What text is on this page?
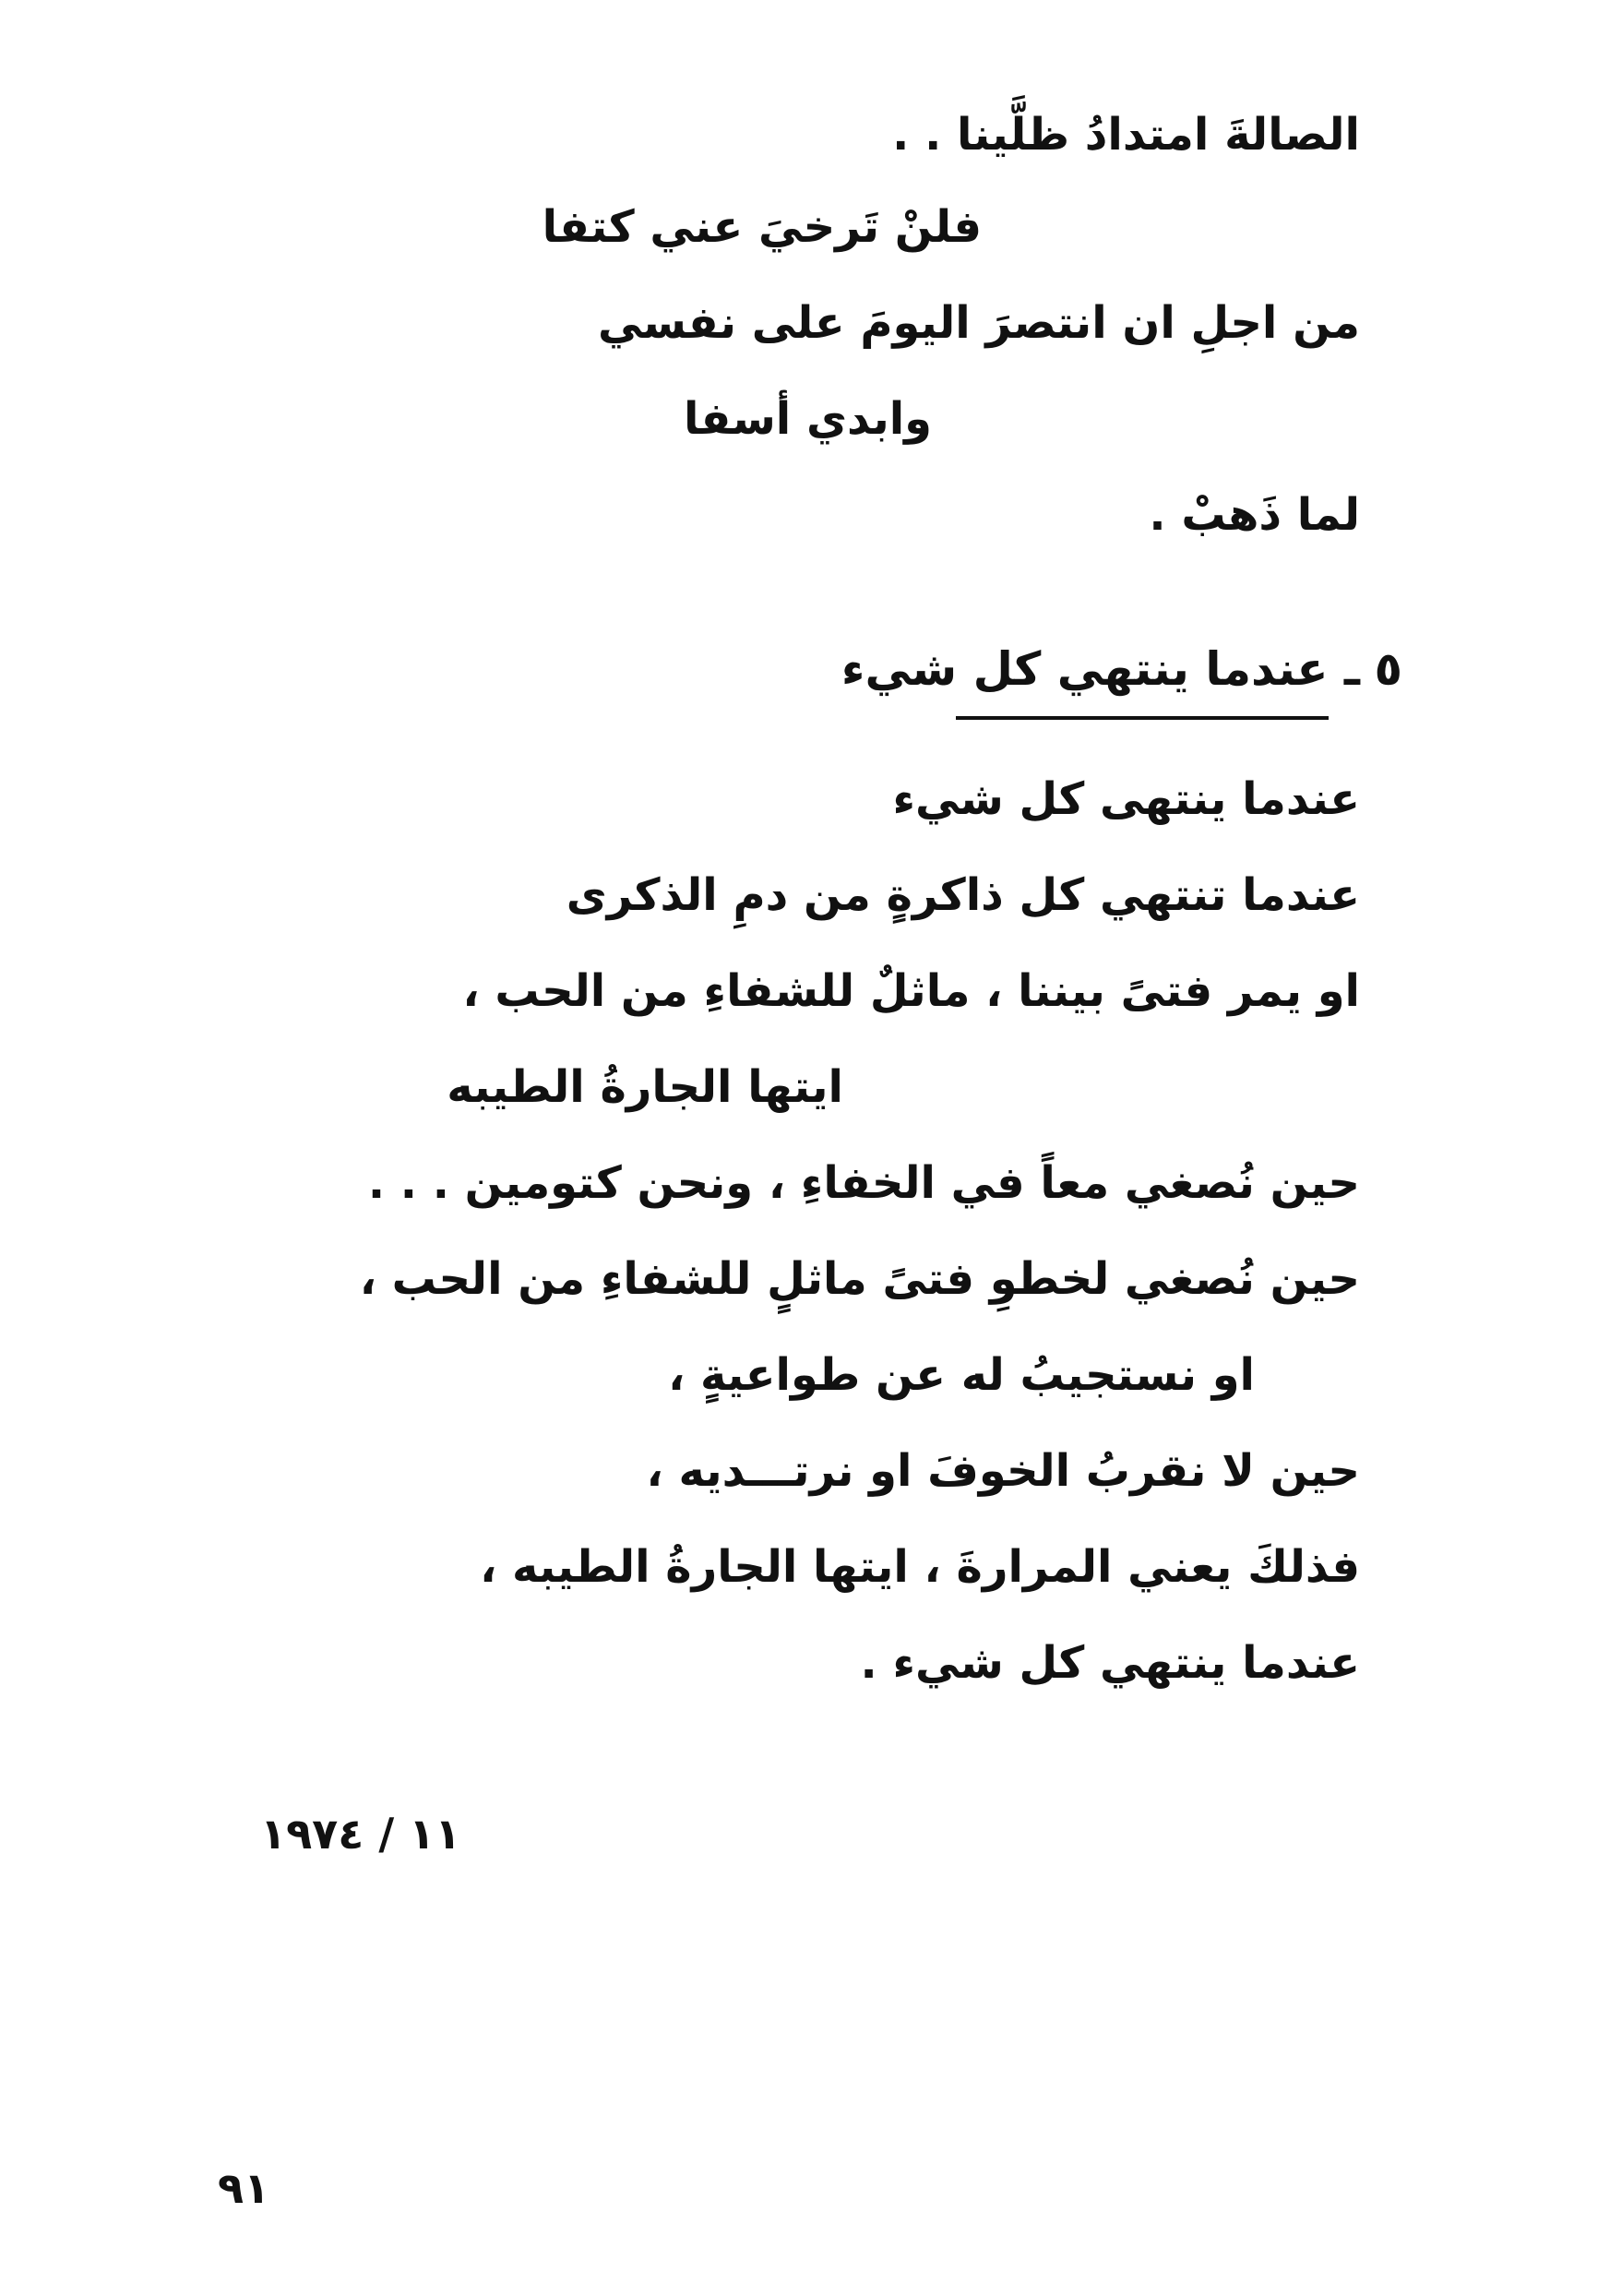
الصالةَ امتدادُ ظلَّينا . .
فلنْ تَرخيَ عني كتفا
من اجلِ ان انتصرَ اليومَ على نفسي
وابدي أسفا
لما ذَهبْ .
٥
ـ عندما ينتهي كل شيء
عندما ينتهى كل شيء
عندما تنتهي كل ذاكرةٍ من دمِ الذكرى
او يمر فتىً بيننا ، ماثلٌ للشفاءِ من الحب ،
ايتها الجارةُ الطيبه
حين نُصغي معاً في الخفاءِ ، ونحن كتومين . . .
حين نُصغي لخطوِ فتىً ماثلٍ للشفاءِ من الحب ،
او نستجيبُ له عن طواعيةٍ ،
حين لا نقربُ الخوفَ او نرتـــديه ،
فذلكَ يعني المرارةَ ، ايتها الجارةُ الطيبه ،
عندما ينتهي كل شيء .
١١ / ١٩٧٤
٩١
